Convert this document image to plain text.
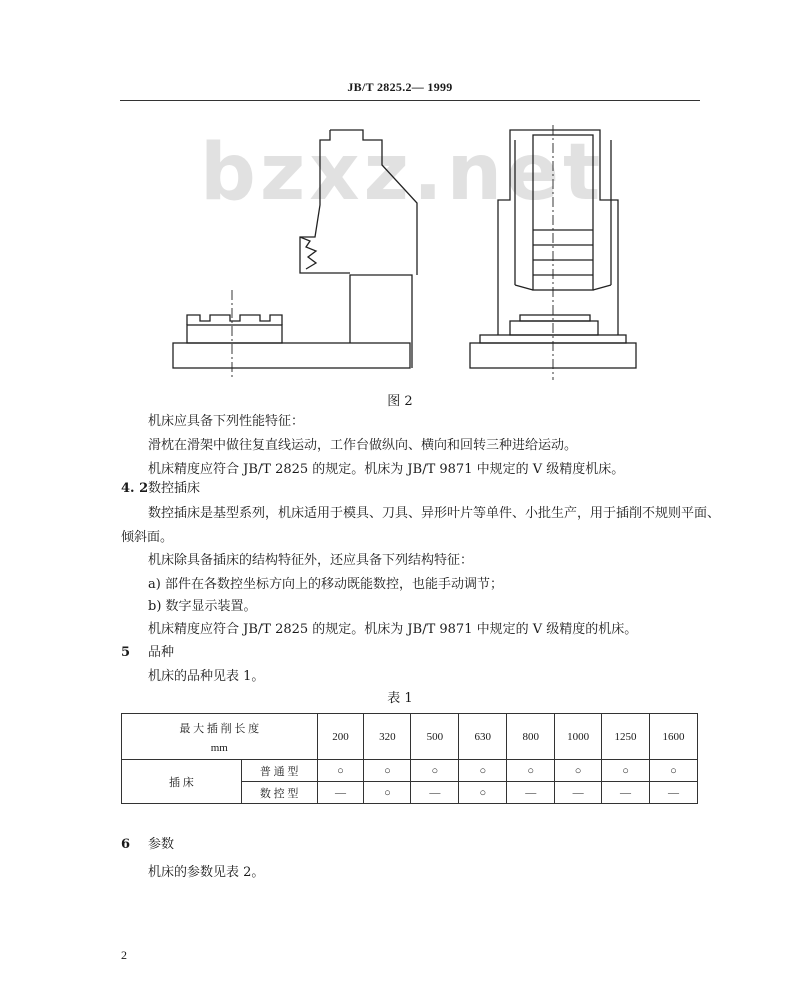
JB/T 2825.2— 1999
bzxz.net
图 2
机床应具备下列性能特征：
滑枕在滑架中做往复直线运动，工作台做纵向、横向和回转三种进给运动。
机床精度应符合 JB/T 2825 的规定。机床为 JB/T 9871 中规定的 V 级精度机床。
4. 2 数控插床
数控插床是基型系列，机床适用于模具、刀具、异形叶片等单件、小批生产，用于插削不规则平面、
倾斜面。
机床除具备插床的结构特征外，还应具备下列结构特征：
a) 部件在各数控坐标方向上的移动既能数控，也能手动调节；
b) 数字显示装置。
机床精度应符合 JB/T 2825 的规定。机床为 JB/T 9871 中规定的 V 级精度的机床。
5 品种
机床的品种见表 1。
表 1
最 大 插 削 长 度
mm		200	320	500	630	800	1000	1250	1600
插 床	普 通 型	○	○	○	○	○	○	○	○
	数 控 型	—	○	—	○	—	—	—	—
6 参数
机床的参数见表 2。
2
